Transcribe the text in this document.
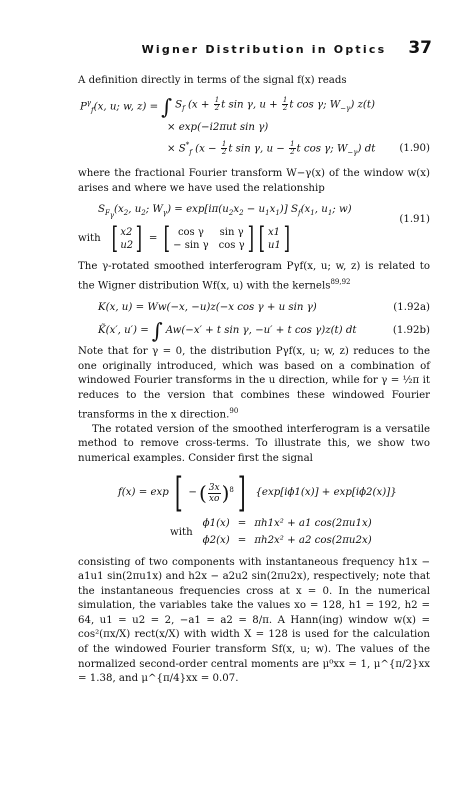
Wigner Distribution in Optics 37

A definition directly in terms of the signal f(x) reads

$P^\gamma_f(x$, u; w, z) = ∫ $S_f$ ($x + \frac{1}{2}$ t sin γ, $u + \frac{1}{2}$ t cos γ; $W_{-\gamma}$) z(t)
× exp(−i2πut sin γ)
× $S^*_f$ ($x - \frac{1}{2}$ t sin γ, $u - \frac{1}{2}$ t cos γ; $W_{-\gamma}$) dt (1.90)

where the fractional Fourier transform W−γ(x) of the window w(x) arises and where we have used the relationship

$S_{F_\gamma}(x_2$, $u_2$; $W_\gamma) = \exp[i\pi(u_2x_2 - u_1x_1)]$ $S_f(x_1$, $u_1$; w)
with [ x2
u2 ] = [ cos γ	sin γ
− sin γ cos γ ] [ x1
u1 ]
(1.91)

The γ-rotated smoothed interferogram Pγf(x, u; w, z) is related to the Wigner distribution Wf(x, u) with the kernels$^{89,92}$

K(x, u) = Ww(−x, −u)z(−x cos γ + u sin γ)	(1.92a)
K̃(x′, u′) = ∫ Aw(−x′ + t sin γ, −u′ + t cos γ)z(t) dt	(1.92b)

Note that for γ = 0, the distribution Pγf(x, u; w, z) reduces to the one originally introduced, which was based on a combination of windowed Fourier transforms in the u direction, while for γ = ½π it reduces to the version that combines these windowed Fourier transforms in the x direction.$^{90}$

The rotated version of the smoothed interferogram is a versatile method to remove cross-terms. To illustrate this, we show two numerical examples. Consider first the signal

f(x) = exp [ − ( $\frac{3x}{xo} )^8$ ] {exp[iϕ1(x)] + exp[iϕ2(x)]}
with
ϕ1(x) = πh1x² + a1 cos(2πu1x)
ϕ2(x) = πh2x² + a2 cos(2πu2x)

consisting of two components with instantaneous frequency h1x − a1u1 sin(2πu1x) and h2x − a2u2 sin(2πu2x), respectively; note that the instantaneous frequencies cross at x = 0. In the numerical simulation, the variables take the values xo = 128, h1 = 192, h2 = 64, u1 = u2 = 2, −a1 = a2 = 8/π. A Hann(ing) window w(x) = cos²(πx/X) rect(x/X) with width X = 128 is used for the calculation of the windowed Fourier transform Sf(x, u; w). The values of the normalized second-order central moments are μ⁰xx = 1, μ^{π/2}xx = 1.38, and μ^{π/4}xx = 0.07.
